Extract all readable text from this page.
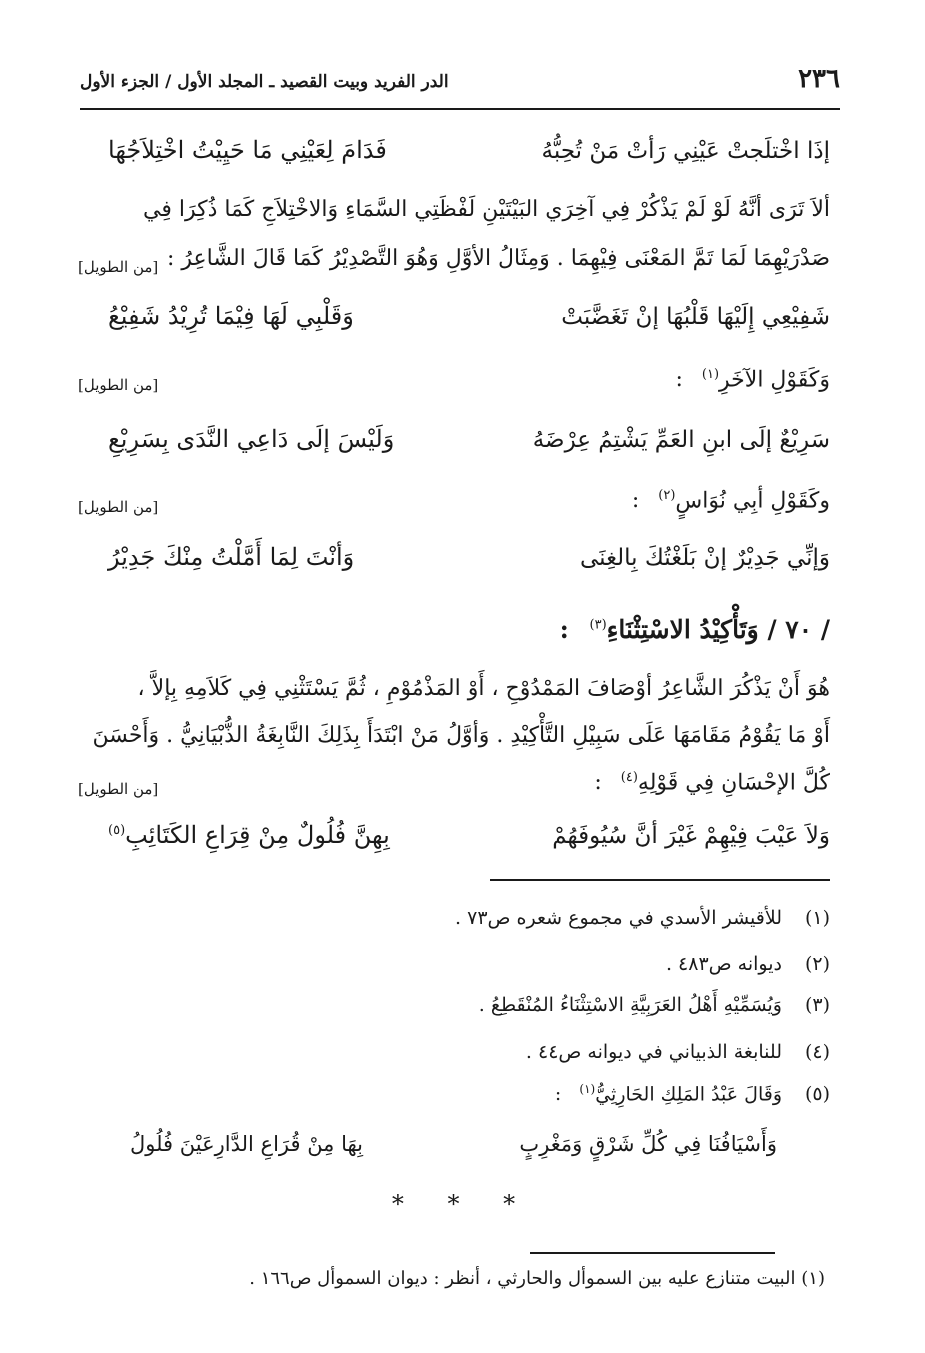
٢٣٦
الدر الفريد وبيت القصيد ـ المجلد الأول / الجزء الأول
إذَا اخْتلَجتْ عَيْنِي رَأتْ مَنْ تُحِبُّهُ
فَدَامَ لِعَيْنِي مَا حَيِيْتُ اخْتِلاَجُهَا
ألاَ تَرَى أنَّهُ لَوْ لَمْ يَذْكُرْ فِي آخِرَي البَيْتَيْنِ لَفْظَتِي السَّمَاءِ وَالاخْتِلاَجِ كَمَا ذُكِرَا فِي
صَدْرَيْهِمَا لَمَا تَمَّ المَعْنَى فِيْهِمَا . وَمِثَالُ الأوَّلِ وَهُوَ التَّصْدِيْرُ كَمَا قَالَ الشَّاعِرُ :
[من الطويل]
شَفِيْعِي إِلَيْهَا قَلْبُهَا إنْ تَغَضَّبَتْ
وَقَلْبِي لَهَا فِيْمَا تُرِيْدُ شَفِيْعُ
وَكَقَوْلِ الآخَرِ$^{(١)}$ :
[من الطويل]
سَرِيْعٌ إلَى ابنِ العَمِّ يَشْتِمُ عِرْضَهُ
وَلَيْسَ إلَى دَاعِي النَّدَى بِسَرِيْعِ
وكَقَوْلِ أبِي نُوَاسٍ$^{(٢)}$ :
[من الطويل]
وَإنِّي جَدِيْرٌ إنْ بَلَغْتُكَ بِالغِنَى
وَأنْتَ لِمَا أَمَّلْتُ مِنْكَ جَدِيْرُ
/ ٧٠ / وَتَأْكِيْدُ الاسْتِثْنَاءِ$^{(٣)}$ :
هُوَ أَنْ يَذْكُرَ الشَّاعِرُ أوْصَافَ المَمْدُوْحِ ، أَوْ المَذْمُوْمِ ، ثُمَّ يَسْتَثْنِي فِي كَلاَمِهِ بِإلاَّ ،
أَوْ مَا يَقُوْمُ مَقَامَهَا عَلَى سَبِيْلِ التَّأْكِيْدِ . وَأوَّلُ مَنْ ابْتَدَأَ بِذَلِكَ النَّابِغَةُ الذُّبْيَانِيُّ . وَأَحْسَنَ
كُلَّ الإحْسَانِ فِي قَوْلِهِ$^{(٤)}$ :
[من الطويل]
وَلاَ عَيْبَ فِيْهِمْ غَيْرَ أنَّ سُيُوفَهُمْ
بِهِنَّ فُلُولٌ مِنْ قِرَاعِ الكَتَائِبِ$^{(٥)}$
(١)للأقيشر الأسدي في مجموع شعره ص٧٣ .
(٢)ديوانه ص٤٨٣ .
(٣)وَيُسَمِّيْهِ أَهْلُ العَرَبِيَّةِ الاسْتِثْنَاءُ المُنْقَطِعُ .
(٤)للنابغة الذبياني في ديوانه ص٤٤ .
(٥)وَقَالَ عَبْدُ المَلِكِ الحَارِثِيُّ$^{(١)}$ :
وَأَسْيَافُنَا فِي كُلِّ شَرْقٍ وَمَغْرِبٍ
بِهَا مِنْ قُرَاعِ الدَّارِعَيْنَ فُلُولُ
* * *
(١) البيت متنازع عليه بين السموأل والحارثي ، أنظر : ديوان السموأل ص١٦٦ .
